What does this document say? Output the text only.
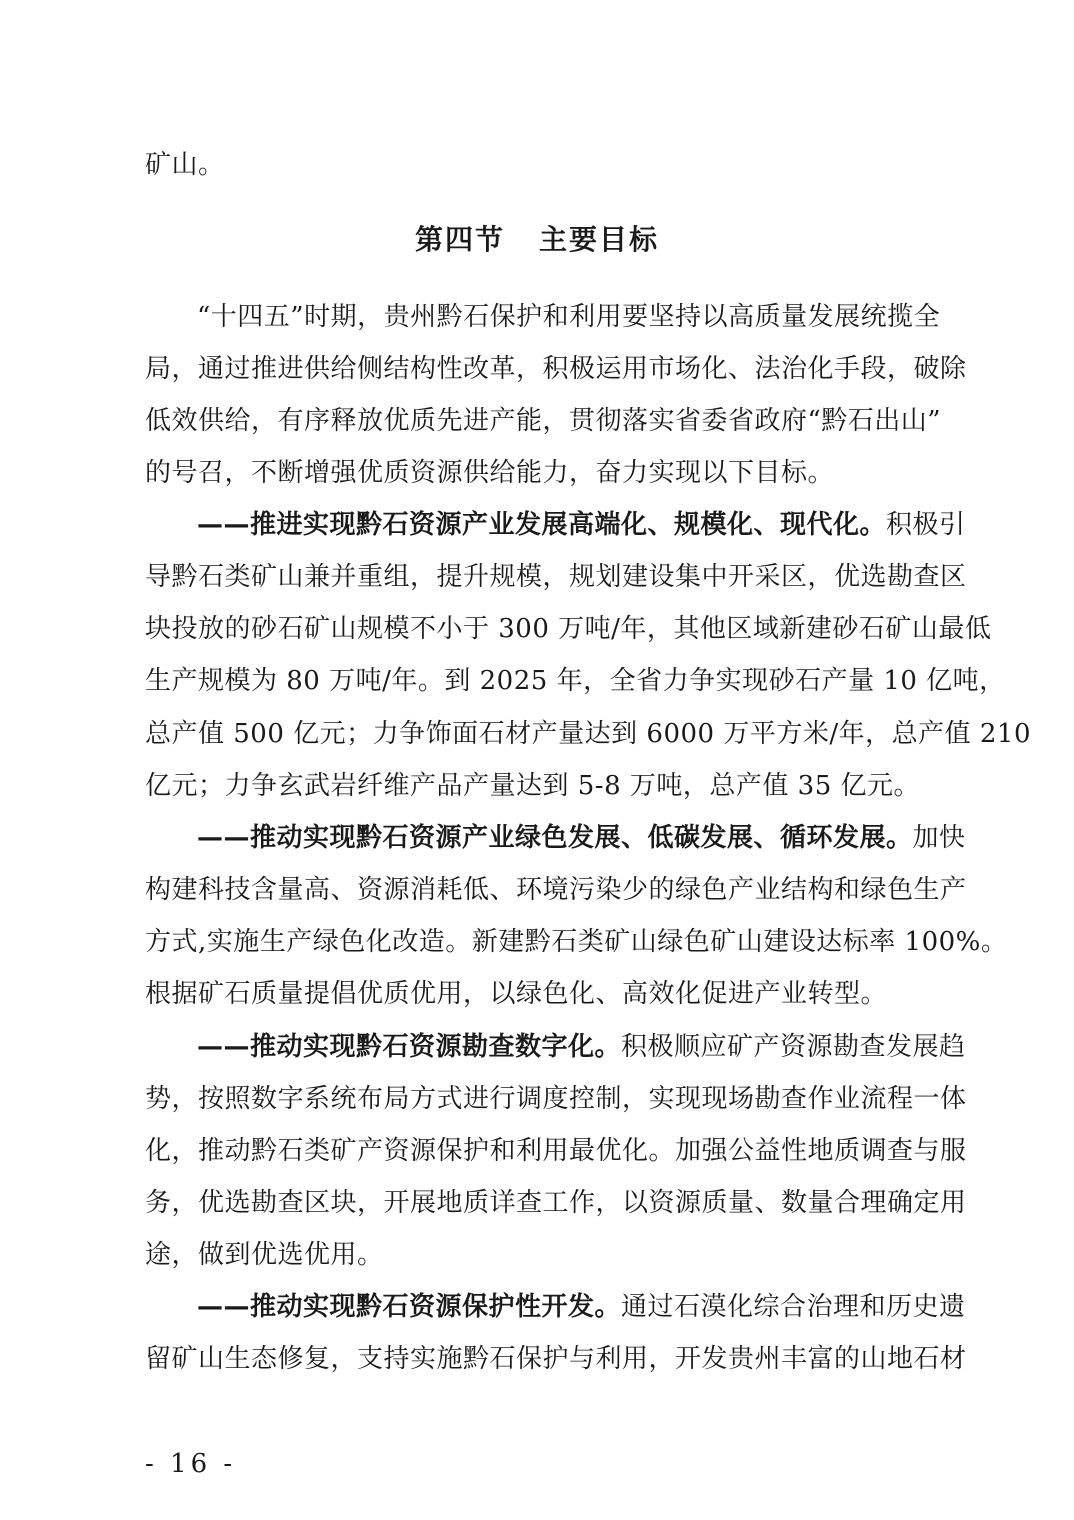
矿山。
第四节 主要目标
“十四五”时期，贵州黔石保护和利用要坚持以高质量发展统揽全
局，通过推进供给侧结构性改革，积极运用市场化、法治化手段，破除
低效供给，有序释放优质先进产能，贯彻落实省委省政府“黔石出山”
的号召，不断增强优质资源供给能力，奋力实现以下目标。
——推进实现黔石资源产业发展高端化、规模化、现代化。积极引
导黔石类矿山兼并重组，提升规模，规划建设集中开采区，优选勘查区
块投放的砂石矿山规模不小于 300 万吨/年，其他区域新建砂石矿山最低
生产规模为 80 万吨/年。到 2025 年，全省力争实现砂石产量 10 亿吨，
总产值 500 亿元；力争饰面石材产量达到 6000 万平方米/年，总产值 210
亿元；力争玄武岩纤维产品产量达到 5-8 万吨，总产值 35 亿元。
——推动实现黔石资源产业绿色发展、低碳发展、循环发展。加快
构建科技含量高、资源消耗低、环境污染少的绿色产业结构和绿色生产
方式,实施生产绿色化改造。新建黔石类矿山绿色矿山建设达标率 100%。
根据矿石质量提倡优质优用，以绿色化、高效化促进产业转型。
——推动实现黔石资源勘查数字化。积极顺应矿产资源勘查发展趋
势，按照数字系统布局方式进行调度控制，实现现场勘查作业流程一体
化，推动黔石类矿产资源保护和利用最优化。加强公益性地质调查与服
务，优选勘查区块，开展地质详查工作，以资源质量、数量合理确定用
途，做到优选优用。
——推动实现黔石资源保护性开发。通过石漠化综合治理和历史遗
留矿山生态修复，支持实施黔石保护与利用，开发贵州丰富的山地石材
- 16 -
